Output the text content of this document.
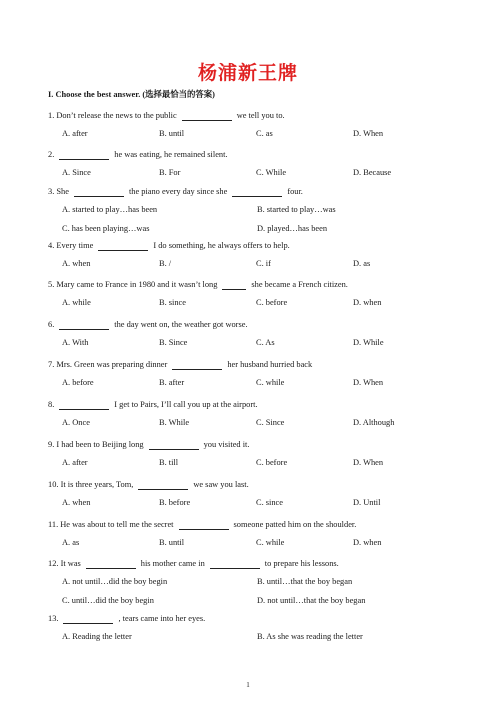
杨浦新王牌
I. Choose the best answer. (选择最恰当的答案)
1. Don’t release the news to the public	we tell you to.
A. after	B. until	C. as	D. When
2.	he was eating, he remained silent.
A. Since	B. For	C. While	D. Because
3. She	the piano every day since she	four.
A. started to play…has been	B. started to play…was
C. has been playing…was	D. played…has been
4. Every time	I do something, he always offers to help.
A. when	B. /	C. if	D. as
5. Mary came to France in 1980 and it wasn’t long	she became a French citizen.
A. while	B. since	C. before	D. when
6.	the day went on, the weather got worse.
A. With	B. Since	C. As	D. While
7. Mrs. Green was preparing dinner	her husband hurried back
A. before	B. after	C. while	D. When
8.	I get to Pairs, I’ll call you up at the airport.
A. Once	B. While	C. Since	D. Although
9. I had been to Beijing long	you visited it.
A. after	B. till	C. before	D. When
10. It is three years, Tom,	we saw you last.
A. when	B. before	C. since	D. Until
11. He was about to tell me the secret	someone patted him on the shoulder.
A. as	B. until	C. while	D. when
12. It was	his mother came in	to prepare his lessons.
A. not until…did the boy begin	B. until…that the boy began
C. until…did the boy begin	D. not until…that the boy began
13.	, tears came into her eyes.
A. Reading the letter	B. As she was reading the letter
1
